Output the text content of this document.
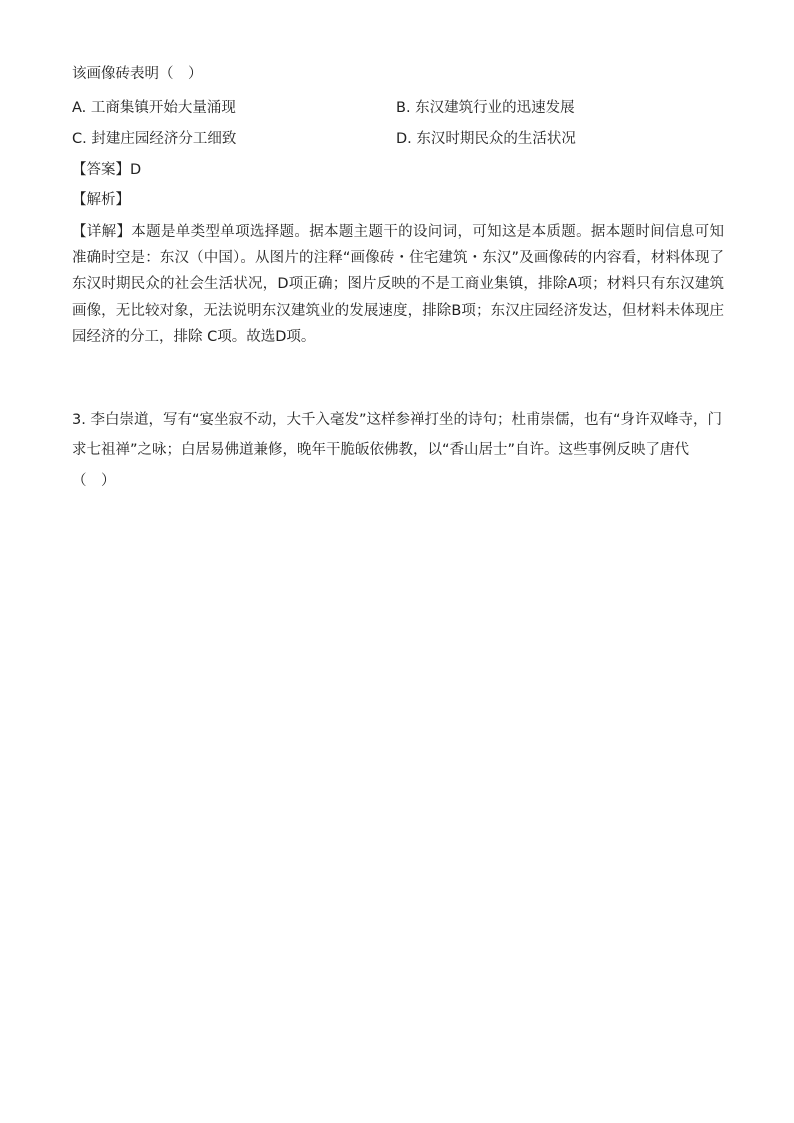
该画像砖表明（　）
A. 工商集镇开始大量涌现	B. 东汉建筑行业的迅速发展
C. 封建庄园经济分工细致	D. 东汉时期民众的生活状况
【答案】D
【解析】
【详解】本题是单类型单项选择题。据本题主题干的设问词，可知这是本质题。据本题时间信息可知准确时空是：东汉（中国）。从图片的注释“画像砖・住宅建筑・东汉”及画像砖的内容看，材料体现了东汉时期民众的社会生活状况，D项正确；图片反映的不是工商业集镇，排除A项；材料只有东汉建筑画像，无比较对象，无法说明东汉建筑业的发展速度，排除B项；东汉庄园经济发达，但材料未体现庄园经济的分工，排除 C项。故选D项。
3. 李白崇道，写有“宴坐寂不动，大千入毫发”这样参禅打坐的诗句；杜甫崇儒，也有“身许双峰寺，门
求七祖禅”之咏；白居易佛道兼修，晚年干脆皈依佛教，以“香山居士”自许。这些事例反映了唐代
（　）
